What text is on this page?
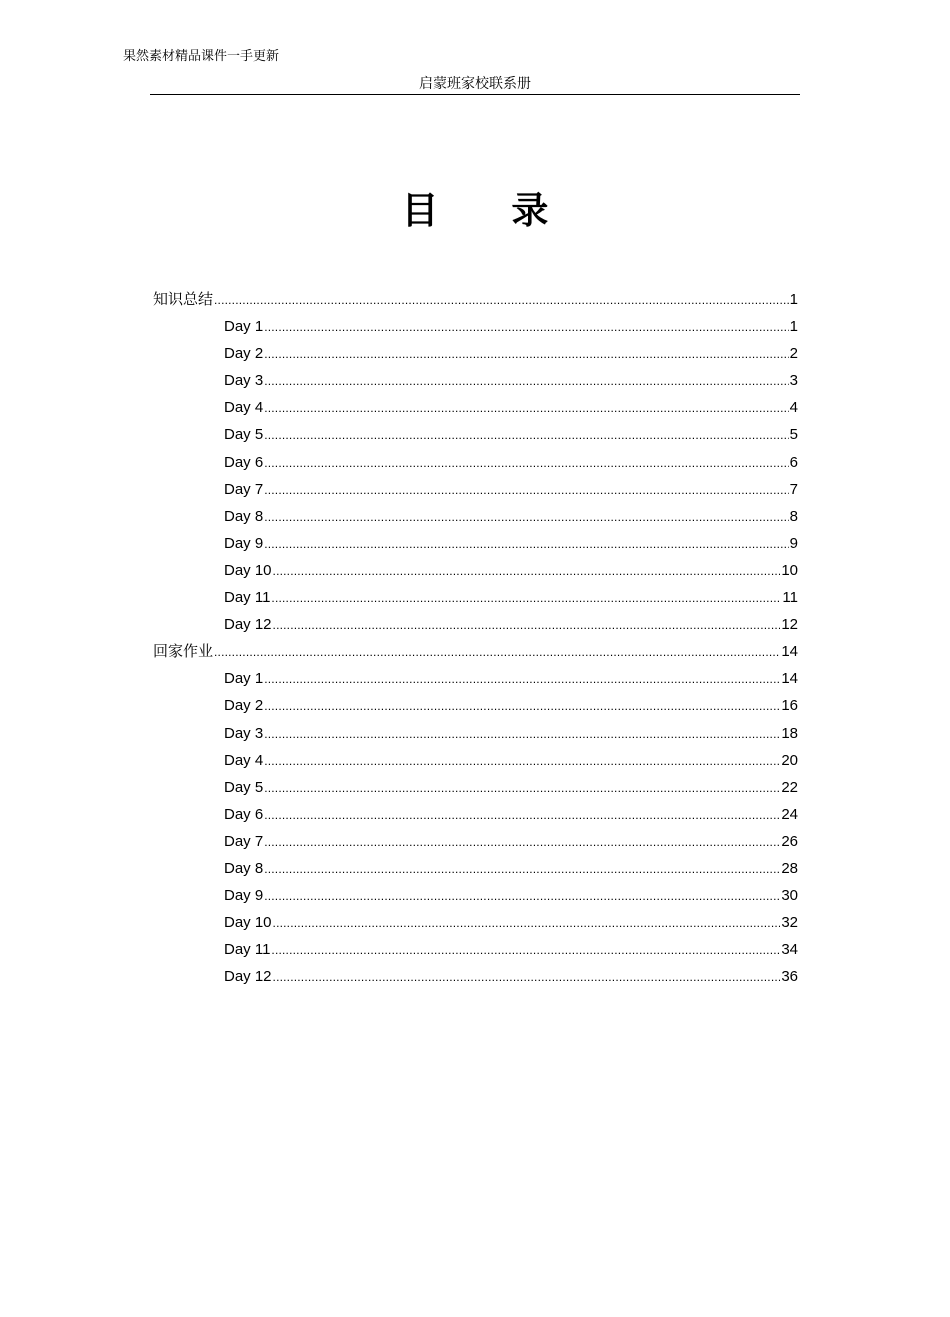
果然素材精品课件一手更新
启蒙班家校联系册
目 录
知识总结 .....	1
Day 1 .....	1
Day 2 .....	2
Day 3 .....	3
Day 4 .....	4
Day 5 .....	5
Day 6 .....	6
Day 7 .....	7
Day 8 .....	8
Day 9 .....	9
Day 10 .....	10
Day 11 .....	11
Day 12 .....	12
回家作业 .....	14
Day 1 .....	14
Day 2 .....	16
Day 3 .....	18
Day 4 .....	20
Day 5 .....	22
Day 6 .....	24
Day 7 .....	26
Day 8 .....	28
Day 9 .....	30
Day 10 .....	32
Day 11 .....	34
Day 12 .....	36
